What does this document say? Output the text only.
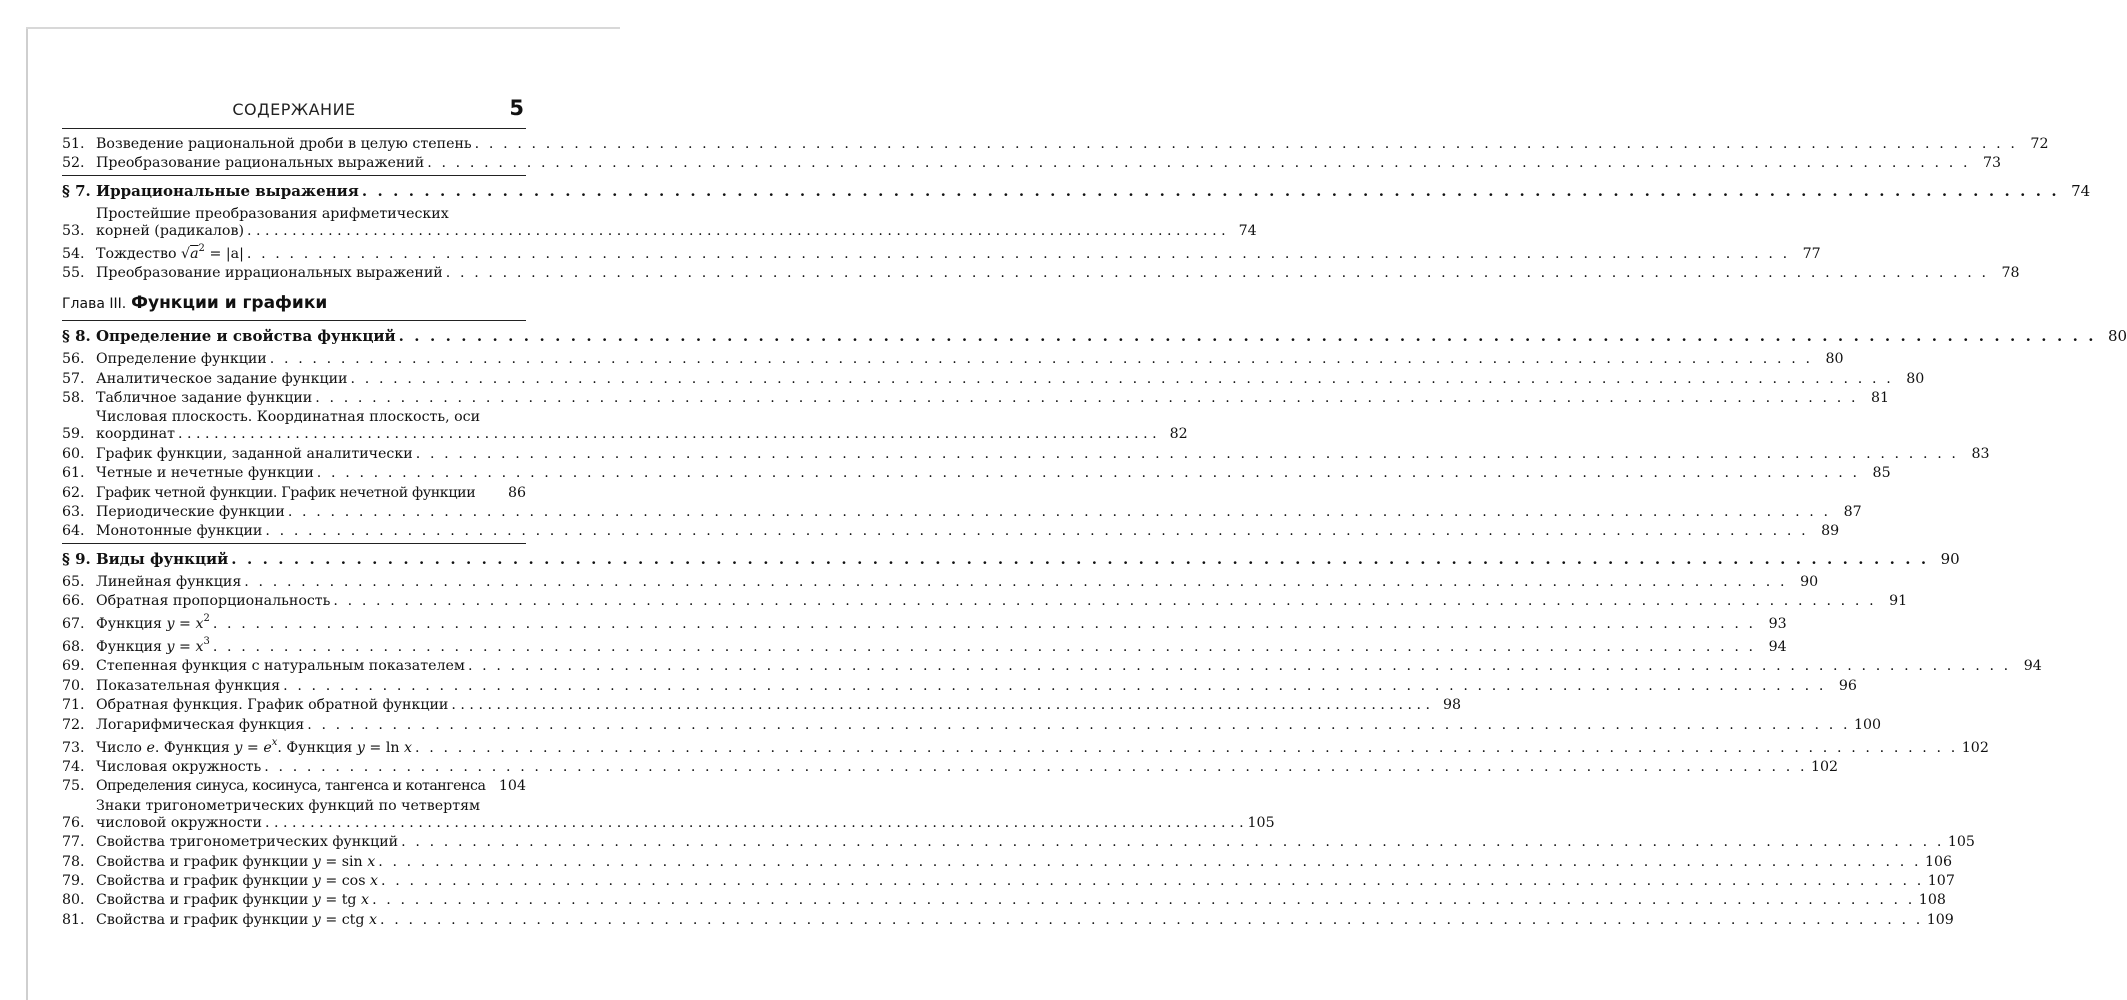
СОДЕРЖАНИЕ	5
51. Возведение рациональной дроби в целую степень . . .	72
52. Преобразование рациональных выражений . . .	73
§ 7. Иррациональные выражения . . .	74
53.
Простейшие преобразования арифметических
корней (радикалов) . . .	74
54. Тождество $√a^2 = |a|$ . . .	77
55. Преобразование иррациональных выражений . . .	78
Глава III. Функции и графики
§ 8. Определение и свойства функций . . .	80
56. Определение функции . . .	80
57. Аналитическое задание функции . . .	80
58. Табличное задание функции . . .	81
59.
Числовая плоскость. Координатная плоскость, оси
координат . . .	82
60. График функции, заданной аналитически . . .	83
61. Четные и нечетные функции . . .	85
62. График четной функции. График нечетной функции	86
63. Периодические функции . . .	87
64. Монотонные функции . . .	89
§ 9. Виды функций . . .	90
65. Линейная функция . . .	90
66. Обратная пропорциональность . . .	91
67. Функция $y = x^2$ . . .	93
68. Функция $y = x^3$ . . .	94
69. Степенная функция с натуральным показателем . . .	94
70. Показательная функция . . .	96
71. Обратная функция. График обратной функции . . .	98
72. Логарифмическая функция . . .	100
73. Число e. Функция $y = e^x$. Функция y = ln x . . .	102
74. Числовая окружность . . .	102
75. Определения синуса, косинуса, тангенса и котангенса 104
76.
Знаки тригонометрических функций по четвертям
числовой окружности . . .	105
77. Свойства тригонометрических функций . . .	105
78. Свойства и график функции y = sin x . . .	106
79. Свойства и график функции y = cos x . . .	107
80. Свойства и график функции y = tg x . . .	108
81. Свойства и график функции y = ctg x . . .	109
